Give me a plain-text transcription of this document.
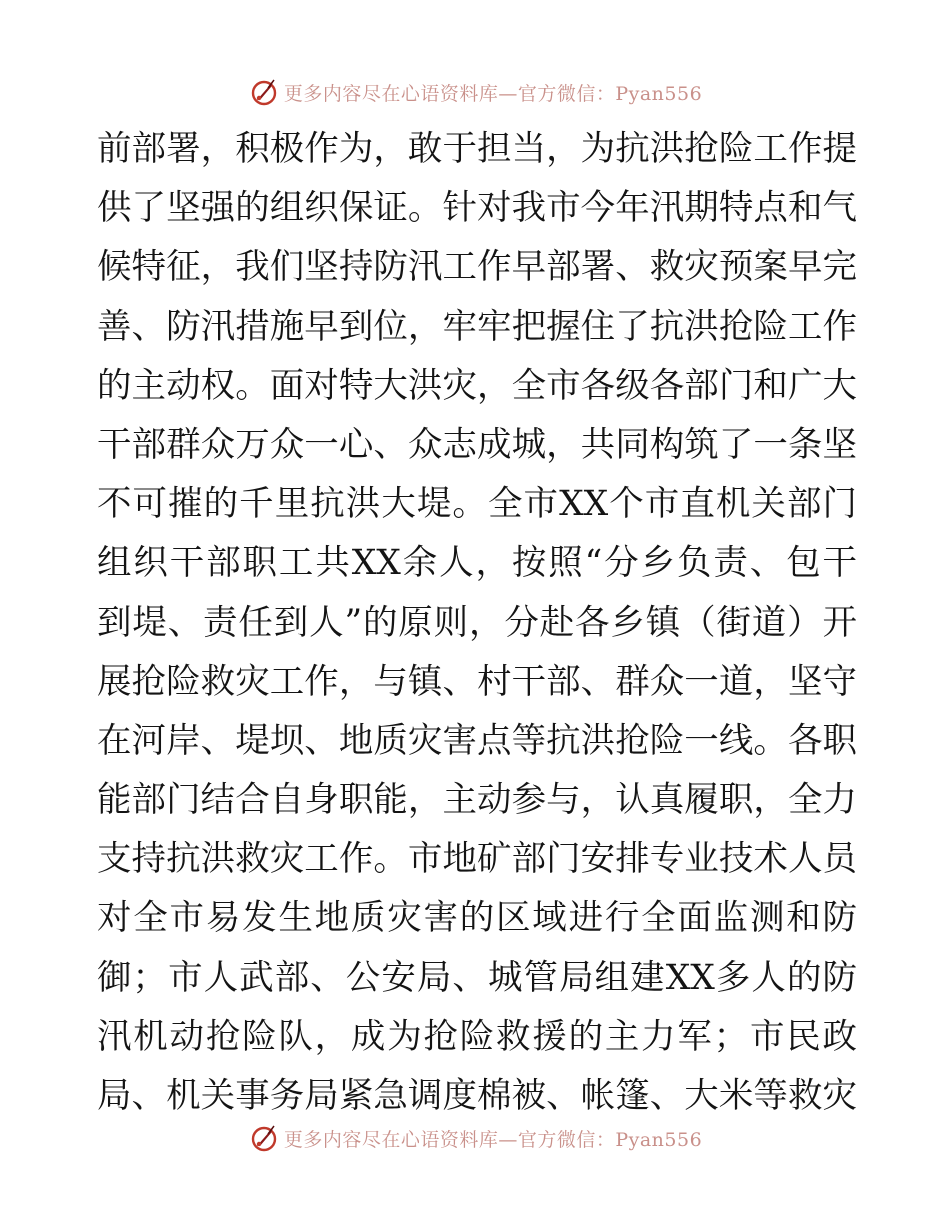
更多内容尽在心语资料库—官方微信：Pyan556
前部署，积极作为，敢于担当，为抗洪抢险工作提
供了坚强的组织保证。针对我市今年汛期特点和气
候特征，我们坚持防汛工作早部署、救灾预案早完
善、防汛措施早到位，牢牢把握住了抗洪抢险工作
的主动权。面对特大洪灾，全市各级各部门和广大
干部群众万众一心、众志成城，共同构筑了一条坚
不可摧的千里抗洪大堤。全市XX个市直机关部门
组织干部职工共XX余人，按照“分乡负责、包干
到堤、责任到人”的原则，分赴各乡镇（街道）开
展抢险救灾工作，与镇、村干部、群众一道，坚守
在河岸、堤坝、地质灾害点等抗洪抢险一线。各职
能部门结合自身职能，主动参与，认真履职，全力
支持抗洪救灾工作。市地矿部门安排专业技术人员
对全市易发生地质灾害的区域进行全面监测和防
御；市人武部、公安局、城管局组建XX多人的防
汛机动抢险队，成为抢险救援的主力军；市民政
局、机关事务局紧急调度棉被、帐篷、大米等救灾
更多内容尽在心语资料库—官方微信：Pyan556
